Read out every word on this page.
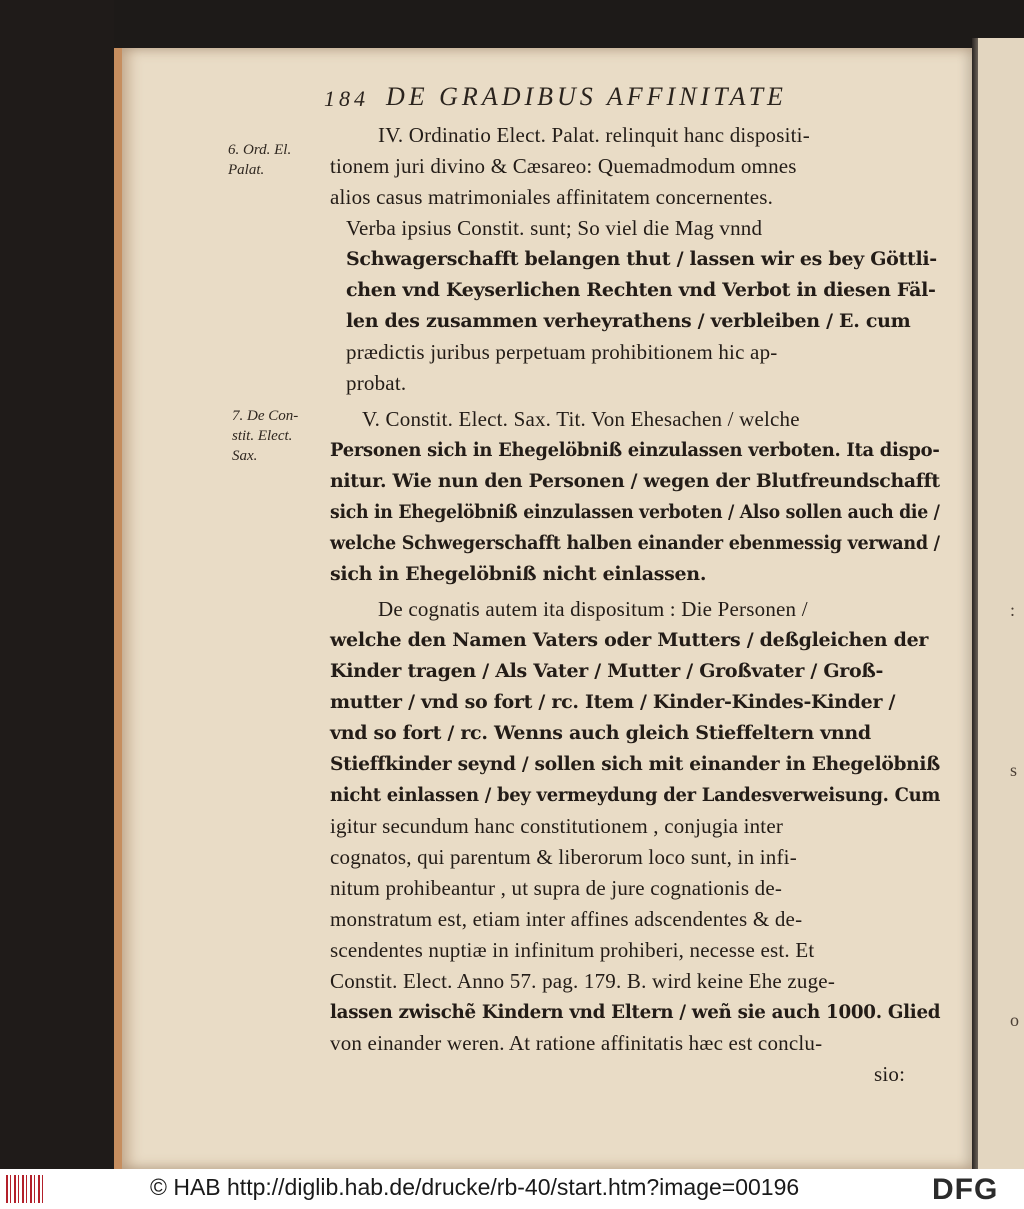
:
s
o
184 DE GRADIBUS AFFINITATE
6. Ord. El.
Palat.
7. De Con-
stit. Elect.
Sax.
IV. Ordinatio Elect. Palat. relinquit hanc dispositi-
tionem juri divino & Cæsareo: Quemadmodum omnes
alios casus matrimoniales affinitatem concernentes.
Verba ipsius Constit. sunt; So viel die Mag vnnd
Schwagerschafft belangen thut / lassen wir es bey Göttli-
chen vnd Keyserlichen Rechten vnd Verbot in diesen Fäl-
len des zusammen verheyrathens / verbleiben / E. cum
prædictis juribus perpetuam prohibitionem hic ap-
probat.
V. Constit. Elect. Sax. Tit. Von Ehesachen / welche
Personen sich in Ehegelöbniß einzulassen verboten. Ita dispo-
nitur. Wie nun den Personen / wegen der Blutfreundschafft
sich in Ehegelöbniß einzulassen verboten / Also sollen auch die /
welche Schwegerschafft halben einander ebenmessig verwand /
sich in Ehegelöbniß nicht einlassen.
De cognatis autem ita dispositum : Die Personen /
welche den Namen Vaters oder Mutters / deßgleichen der
Kinder tragen / Als Vater / Mutter / Großvater / Groß-
mutter / vnd so fort / rc. Item / Kinder-Kindes-Kinder /
vnd so fort / rc. Wenns auch gleich Stieffeltern vnnd
Stieffkinder seynd / sollen sich mit einander in Ehegelöbniß
nicht einlassen / bey vermeydung der Landesverweisung. Cum
igitur secundum hanc constitutionem , conjugia inter
cognatos, qui parentum & liberorum loco sunt, in infi-
nitum prohibeantur , ut supra de jure cognationis de-
monstratum est, etiam inter affines adscendentes & de-
scendentes nuptiæ in infinitum prohiberi, necesse est. Et
Constit. Elect. Anno 57. pag. 179. B. wird keine Ehe zuge-
lassen zwischẽ Kindern vnd Eltern / weñ sie auch 1000. Glied
von einander weren. At ratione affinitatis hæc est conclu-
sio:
© HAB http://diglib.hab.de/drucke/rb-40/start.htm?image=00196	DFG
